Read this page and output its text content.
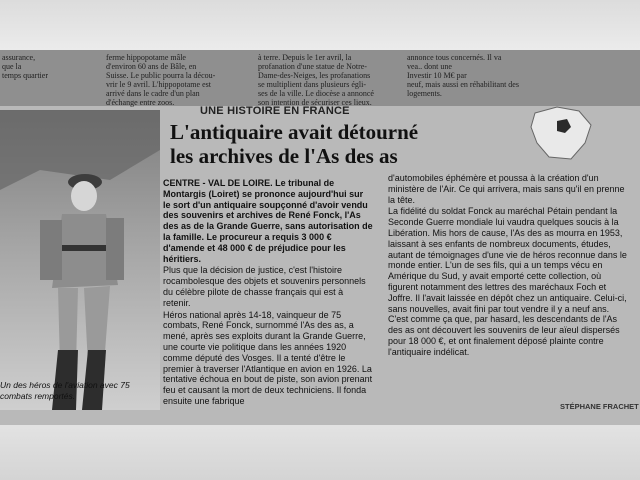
assurance,
que la
temps quartier
ferme hippopotame mâle
d'environ 60 ans de Bâle, en
Suisse. Le public pourra la décou-
vrir le 9 avril. L'hippopotame est
arrivé dans le cadre d'un plan
d'échange entre zoos.
à terre. Depuis le 1er avril, la
profanation d'une statue de Notre-
Dame-des-Neiges, les profanations
se multiplient dans plusieurs égli-
ses de la ville. Le diocèse a annoncé
son intention de sécuriser ces lieux.
annonce tous concernés. Il va
vea.. dont une
Investir 10 M€ par
neuf, mais aussi en réhabilitant des
logements.
Un des héros de l'aviation avec 75 combats remportés.
UNE HISTOIRE EN FRANCE
L'antiquaire avait détourné
les archives de l'As des as

CENTRE - VAL DE LOIRE. Le tribunal de Montargis (Loiret) se prononce aujourd'hui sur le sort d'un antiquaire soupçonné d'avoir vendu des souvenirs et archives de René Fonck, l'As des as de la Grande Guerre, sans autorisation de la famille. Le procureur a requis 3 000 € d'amende et 48 000 € de préjudice pour les héritiers.

Plus que la décision de justice, c'est l'histoire rocambolesque des objets et souvenirs personnels du célèbre pilote de chasse français qui est à retenir.

Héros national après 14-18, vainqueur de 75 combats, René Fonck, surnommé l'As des as, a mené, après ses exploits durant la Grande Guerre, une courte vie politique dans les années 1920 comme député des Vosges. Il a tenté d'être le premier à traverser l'Atlantique en avion en 1926. La tentative échoua en bout de piste, son avion prenant feu et causant la mort de deux techniciens. Il fonda ensuite une fabrique

d'automobiles éphémère et poussa à la création d'un ministère de l'Air. Ce qui arrivera, mais sans qu'il en prenne la tête.

La fidélité du soldat Fonck au maréchal Pétain pendant la Seconde Guerre mondiale lui vaudra quelques soucis à la Libération. Mis hors de cause, l'As des as mourra en 1953, laissant à ses enfants de nombreux documents, études, autant de témoignages d'une vie de héros reconnue dans le monde entier. L'un de ses fils, qui a un temps vécu en Amérique du Sud, y avait emporté cette collection, où figurent notamment des lettres des maréchaux Foch et Joffre. Il l'avait laissée en dépôt chez un antiquaire. Celui-ci, sans nouvelles, avait fini par tout vendre il y a neuf ans. C'est comme ça que, par hasard, les descendants de l'As des as ont découvert les souvenirs de leur aïeul dispersés pour 18 000 €, et ont finalement déposé plainte contre l'antiquaire indélicat.

STÉPHANE FRACHET
